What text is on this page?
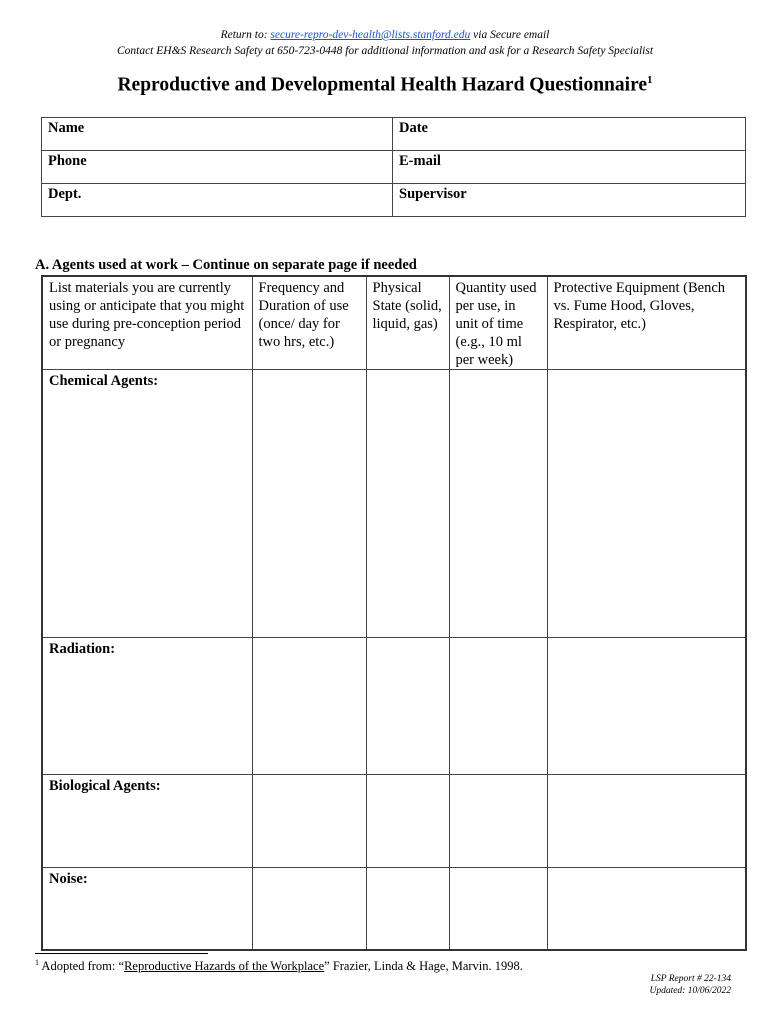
Return to: secure-repro-dev-health@lists.stanford.edu via Secure email
Contact EH&S Research Safety at 650-723-0448 for additional information and ask for a Research Safety Specialist
Reproductive and Developmental Health Hazard Questionnaire$^1$
Name	Date
Phone	E-mail
Dept.	Supervisor
A. Agents used at work – Continue on separate page if needed
List materials you are currently using or anticipate that you might use during pre-conception period or pregnancy	Frequency and Duration of use (once/ day for two hrs, etc.)	Physical State (solid, liquid, gas)	Quantity used per use, in unit of time (e.g., 10 ml per week)	Protective Equipment (Bench vs. Fume Hood, Gloves, Respirator, etc.)
Chemical Agents:				
Radiation:				
Biological Agents:				
Noise:				
$^1$ Adopted from: “Reproductive Hazards of the Workplace” Frazier, Linda & Hage, Marvin. 1998.
LSP Report # 22-134
Updated: 10/06/2022
